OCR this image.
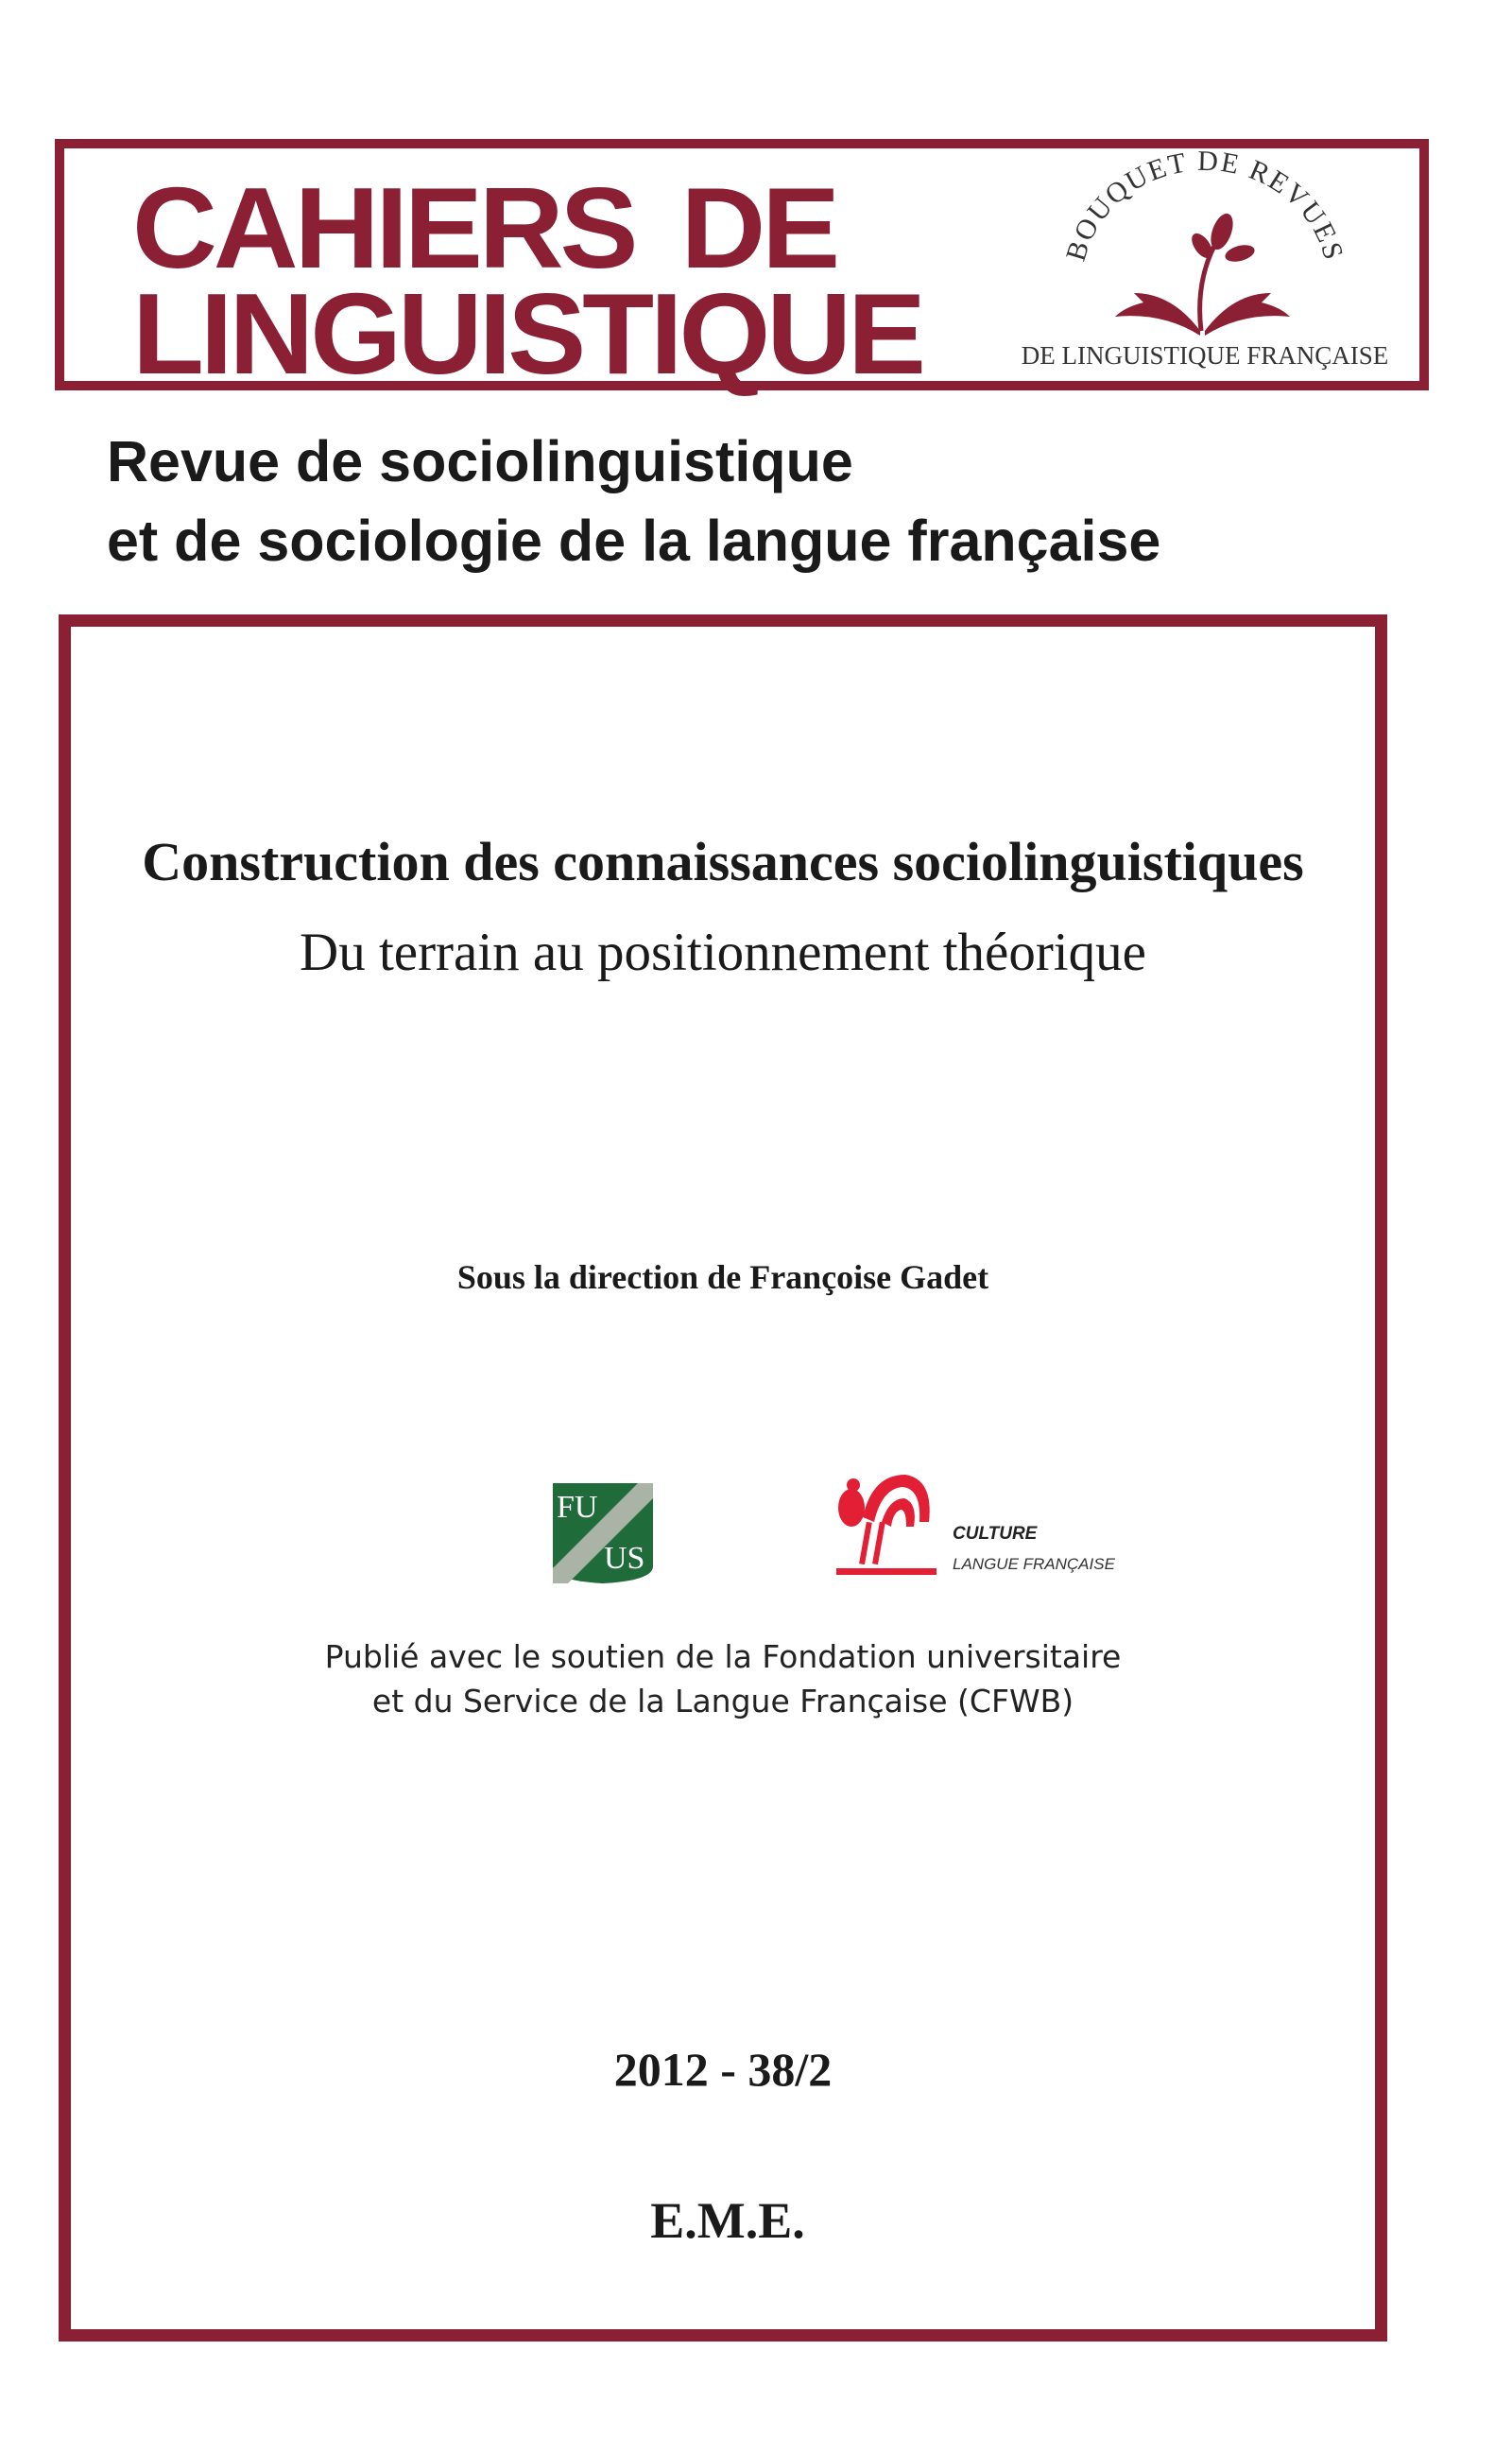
CAHIERS DE
LINGUISTIQUE
BOUQUET DE REVUES
DE LINGUISTIQUE FRANÇAISE
Revue de sociolinguistique
et de sociologie de la langue française
Construction des connaissances sociolinguistiques
Du terrain au positionnement théorique
Sous la direction de Françoise Gadet
FU
US
CULTURE
LANGUE FRANÇAISE
Publié avec le soutien de la Fondation universitaire
et du Service de la Langue Française (CFWB)
2012 - 38/2
E.M.E.
